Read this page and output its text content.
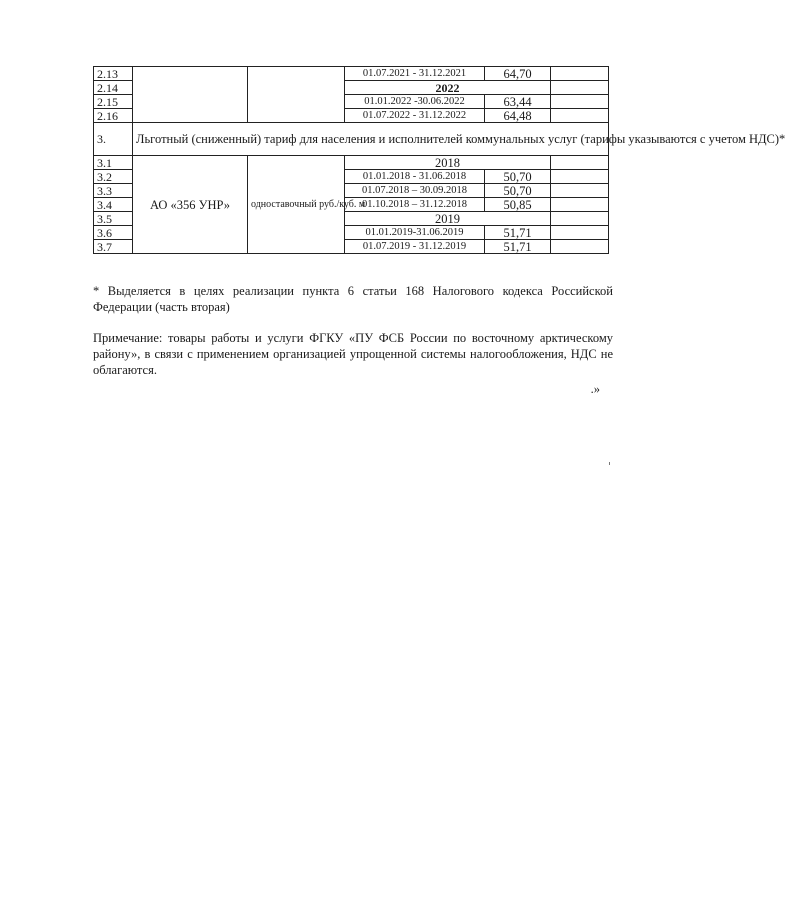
2.13			01.07.2021 - 31.12.2021	64,70	
2.14			2022		
2.15			01.01.2022 -30.06.2022	63,44	
2.16			01.07.2022 - 31.12.2022	64,48	
3.	Льготный (сниженный) тариф для населения и исполнителей коммунальных услуг (тарифы указываются с учетом НДС)*				
3.1	АО «356 УНР»	одноставочный руб./куб. м	2018		
3.2			01.01.2018 - 31.06.2018	50,70	
3.3			01.07.2018 – 30.09.2018	50,70	
3.4			01.10.2018 – 31.12.2018	50,85	
3.5			2019		
3.6			01.01.2019-31.06.2019	51,71	
3.7			01.07.2019 - 31.12.2019	51,71	

* Выделяется в целях реализации пункта 6 статьи 168 Налогового кодекса Российской Федерации (часть вторая)

Примечание: товары работы и услуги ФГКУ «ПУ ФСБ России по восточному арктическому району», в связи с применением организацией упрощенной системы налогообложения, НДС не облагаются.

.»
